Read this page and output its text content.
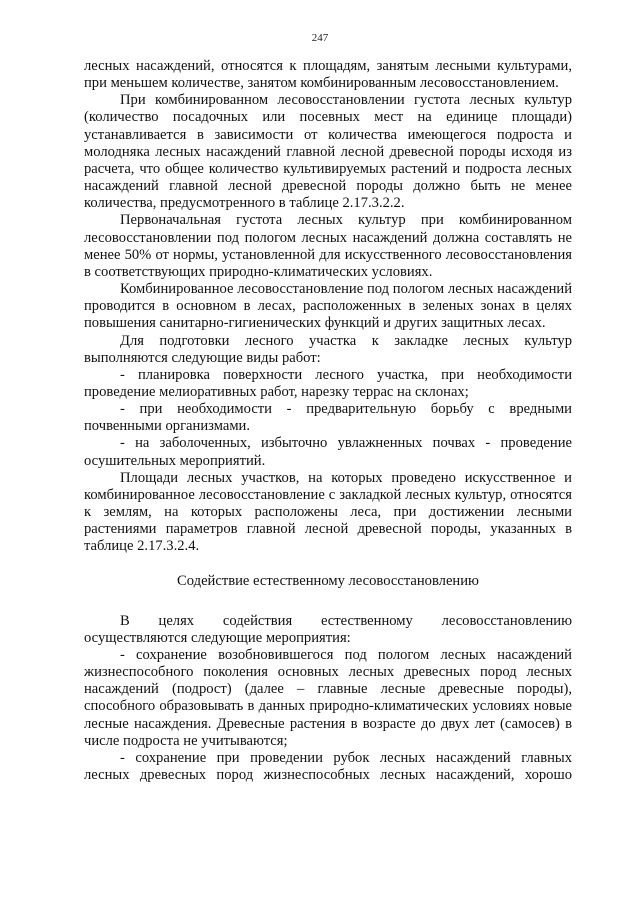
247

лесных насаждений, относятся к площадям, занятым лесными культурами, при меньшем количестве, занятом комбинированным лесовосстановлением.

При комбинированном лесовосстановлении густота лесных культур (количество посадочных или посевных мест на единице площади) устанавливается в зависимости от количества имеющегося подроста и молодняка лесных насаждений главной лесной древесной породы исходя из расчета, что общее количество культивируемых растений и подроста лесных насаждений главной лесной древесной породы должно быть не менее количества, предусмотренного в таблице 2.17.3.2.2.

Первоначальная густота лесных культур при комбинированном лесовосстановлении под пологом лесных насаждений должна составлять не менее 50% от нормы, установленной для искусственного лесовосстановления в соответствующих природно-климатических условиях.

Комбинированное лесовосстановление под пологом лесных насаждений проводится в основном в лесах, расположенных в зеленых зонах в целях повышения санитарно-гигиенических функций и других защитных лесах.

Для подготовки лесного участка к закладке лесных культур выполняются следующие виды работ:

- планировка поверхности лесного участка, при необходимости проведение мелиоративных работ, нарезку террас на склонах;

- при необходимости - предварительную борьбу с вредными почвенными организмами.

- на заболоченных, избыточно увлажненных почвах - проведение осушительных мероприятий.

Площади лесных участков, на которых проведено искусственное и комбинированное лесовосстановление с закладкой лесных культур, относятся к землям, на которых расположены леса, при достижении лесными растениями параметров главной лесной древесной породы, указанных в таблице 2.17.3.2.4.

Содействие естественному лесовосстановлению

В целях содействия естественному лесовосстановлению осуществляются следующие мероприятия:

- сохранение возобновившегося под пологом лесных насаждений жизнеспособного поколения основных лесных древесных пород лесных насаждений (подрост) (далее – главные лесные древесные породы), способного образовывать в данных природно-климатических условиях новые лесные насаждения. Древесные растения в возрасте до двух лет (самосев) в числе подроста не учитываются;

- сохранение при проведении рубок лесных насаждений главных лесных древесных пород жизнеспособных лесных насаждений, хорошо
